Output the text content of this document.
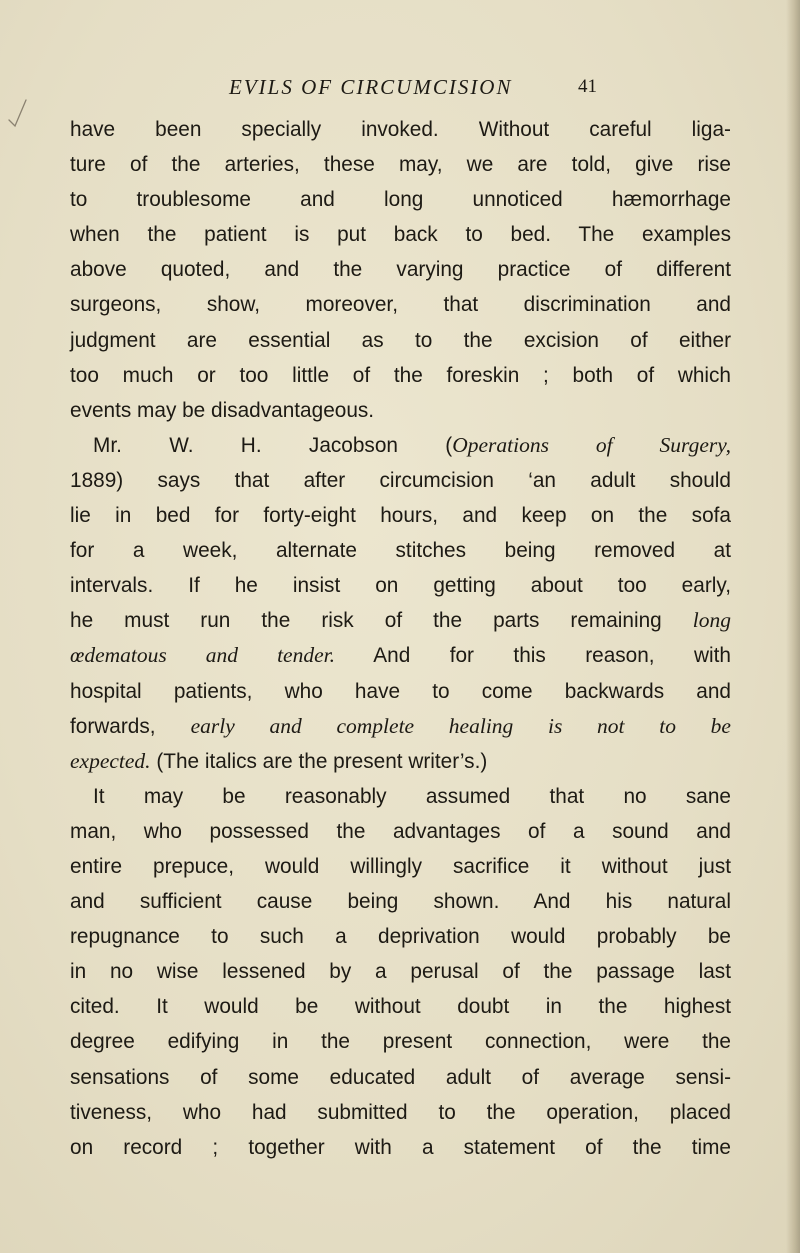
EVILS OF CIRCUMCISION	41
have been specially invoked. Without careful liga-
ture of the arteries, these may, we are told, give rise
to troublesome and long unnoticed hæmorrhage
when the patient is put back to bed. The examples
above quoted, and the varying practice of different
surgeons, show, moreover, that discrimination and
judgment are essential as to the excision of either
too much or too little of the foreskin ; both of which
events may be disadvantageous.
Mr. W. H. Jacobson (Operations of Surgery,
1889) says that after circumcision ‘an adult should
lie in bed for forty-eight hours, and keep on the sofa
for a week, alternate stitches being removed at
intervals. If he insist on getting about too early,
he must run the risk of the parts remaining long
œdematous and tender. And for this reason, with
hospital patients, who have to come backwards and
forwards, early and complete healing is not to be
expected. (The italics are the present writer’s.)
It may be reasonably assumed that no sane
man, who possessed the advantages of a sound and
entire prepuce, would willingly sacrifice it without just
and sufficient cause being shown. And his natural
repugnance to such a deprivation would probably be
in no wise lessened by a perusal of the passage last
cited. It would be without doubt in the highest
degree edifying in the present connection, were the
sensations of some educated adult of average sensi-
tiveness, who had submitted to the operation, placed
on record ; together with a statement of the time
